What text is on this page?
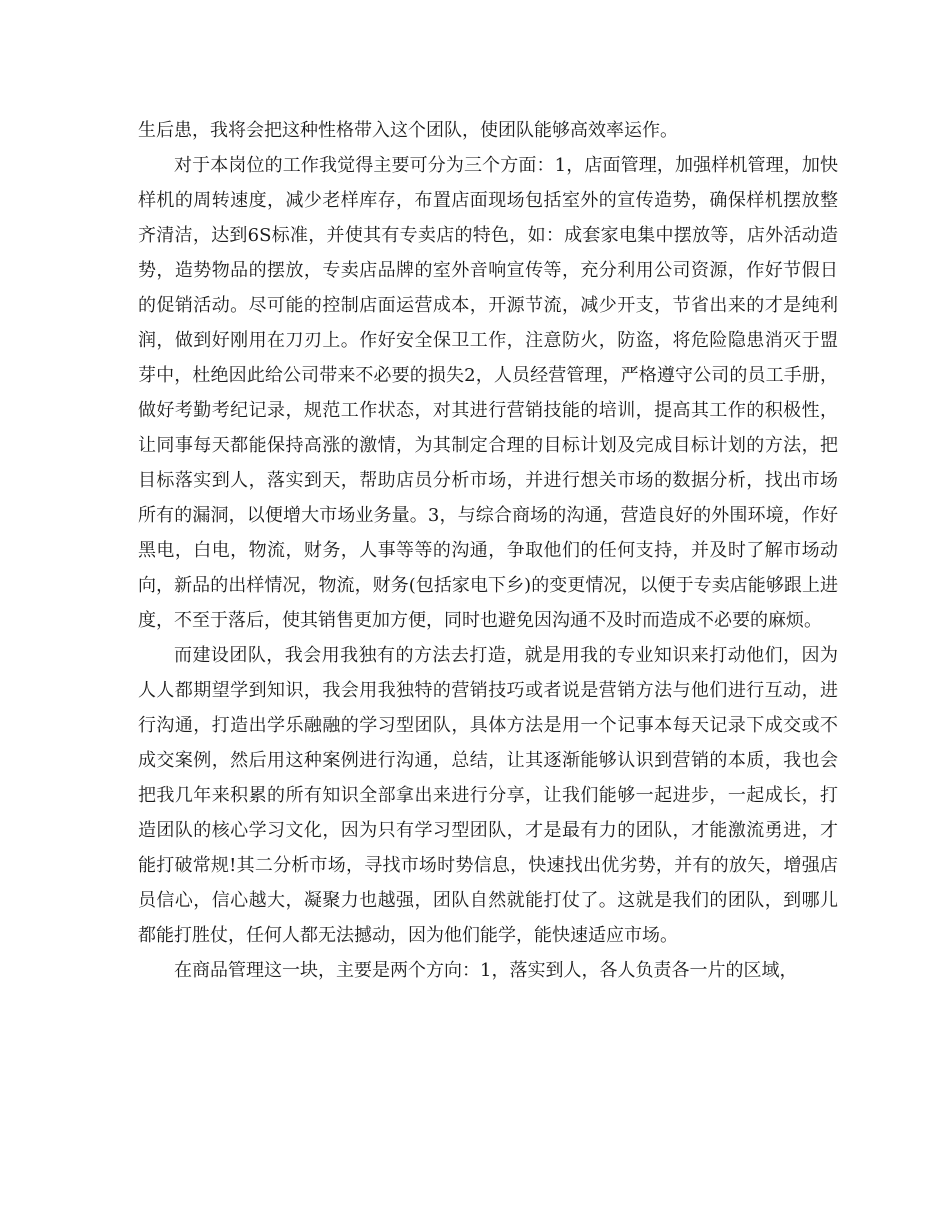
生后患，我将会把这种性格带入这个团队，使团队能够高效率运作。

对于本岗位的工作我觉得主要可分为三个方面：1，店面管理，加强样机管理，加快样机的周转速度，减少老样库存，布置店面现场包括室外的宣传造势，确保样机摆放整齐清洁，达到6S标准，并使其有专卖店的特色，如：成套家电集中摆放等，店外活动造势，造势物品的摆放，专卖店品牌的室外音响宣传等，充分利用公司资源，作好节假日的促销活动。尽可能的控制店面运营成本，开源节流，减少开支，节省出来的才是纯利润，做到好刚用在刀刃上。作好安全保卫工作，注意防火，防盗，将危险隐患消灭于盟芽中，杜绝因此给公司带来不必要的损失2，人员经营管理，严格遵守公司的员工手册，做好考勤考纪记录，规范工作状态，对其进行营销技能的培训，提高其工作的积极性，让同事每天都能保持高涨的激情，为其制定合理的目标计划及完成目标计划的方法，把目标落实到人，落实到天，帮助店员分析市场，并进行想关市场的数据分析，找出市场所有的漏洞，以便增大市场业务量。3，与综合商场的沟通，营造良好的外围环境，作好黑电，白电，物流，财务，人事等等的沟通，争取他们的任何支持，并及时了解市场动向，新品的出样情况，物流，财务(包括家电下乡)的变更情况，以便于专卖店能够跟上进度，不至于落后，使其销售更加方便，同时也避免因沟通不及时而造成不必要的麻烦。

而建设团队，我会用我独有的方法去打造，就是用我的专业知识来打动他们，因为人人都期望学到知识，我会用我独特的营销技巧或者说是营销方法与他们进行互动，进行沟通，打造出学乐融融的学习型团队，具体方法是用一个记事本每天记录下成交或不成交案例，然后用这种案例进行沟通，总结，让其逐渐能够认识到营销的本质，我也会把我几年来积累的所有知识全部拿出来进行分享，让我们能够一起进步，一起成长，打造团队的核心学习文化，因为只有学习型团队，才是最有力的团队，才能激流勇进，才能打破常规!其二分析市场，寻找市场时势信息，快速找出优劣势，并有的放矢，增强店员信心，信心越大，凝聚力也越强，团队自然就能打仗了。这就是我们的团队，到哪儿都能打胜仗，任何人都无法撼动，因为他们能学，能快速适应市场。

在商品管理这一块，主要是两个方向：1，落实到人，各人负责各一片的区域，
